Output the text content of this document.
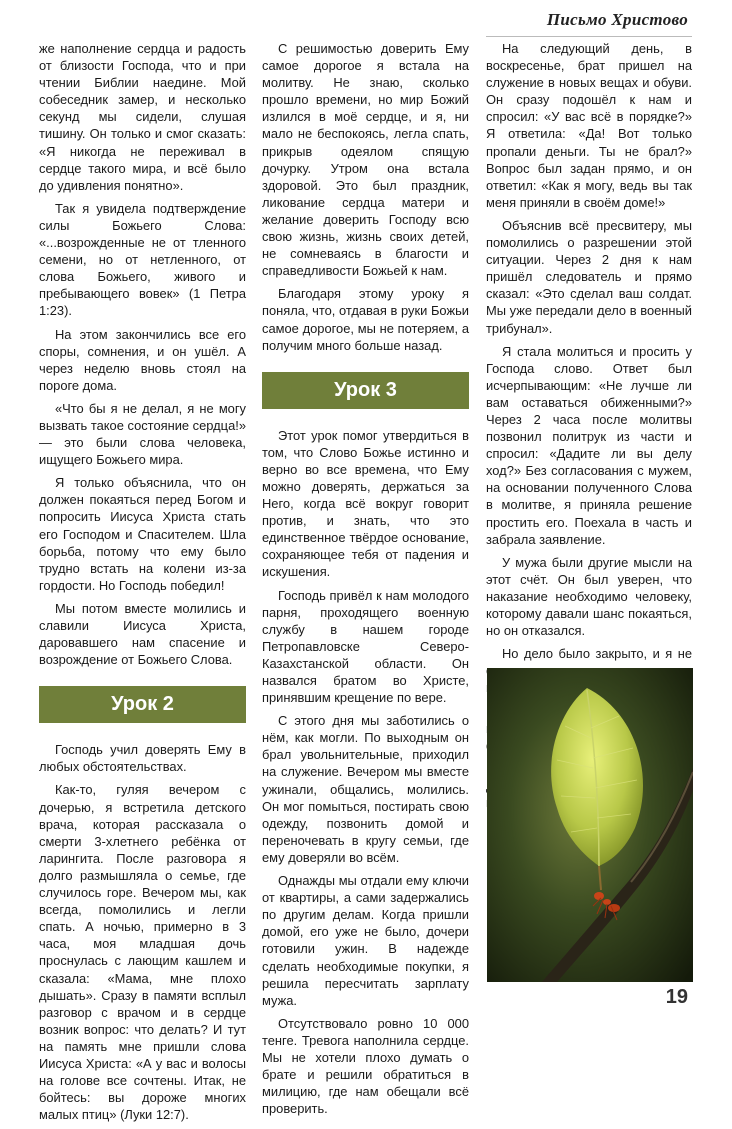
Письмо Христово

же наполнение сердца и радость от близости Господа, что и при чтении Библии наедине. Мой собеседник замер, и несколько секунд мы сидели, слушая тишину. Он только и смог сказать: «Я никогда не переживал в сердце такого мира, и всё было до удивления понятно».

Так я увидела подтверждение силы Божьего Слова: «...возрожденные не от тленного семени, но от нетленного, от слова Божьего, живого и пребывающего вовек» (1 Петра 1:23).

На этом закончились все его споры, сомнения, и он ушёл. А через неделю вновь стоял на пороге дома.

«Что бы я не делал, я не могу вызвать такое состояние сердца!» — это были слова человека, ищущего Божьего мира.

Я только объяснила, что он должен покаяться перед Богом и попросить Иисуса Христа стать его Господом и Спасителем. Шла борьба, потому что ему было трудно встать на колени из-за гордости. Но Господь победил!

Мы потом вместе молились и славили Иисуса Христа, даровавшего нам спасение и возрождение от Божьего Слова.

Урок 2

Господь учил доверять Ему в любых обстоятельствах.

Как-то, гуляя вечером с дочерью, я встретила детского врача, которая рассказала о смерти 3-хлетнего ребёнка от ларингита. После разговора я долго размышляла о семье, где случилось горе. Вечером мы, как всегда, помолились и легли спать. А ночью, примерно в 3 часа, моя младшая дочь проснулась с лающим кашлем и сказала: «Мама, мне плохо дышать». Сразу в памяти всплыл разговор с врачом и в сердце возник вопрос: что делать? И тут на память мне пришли слова Иисуса Христа: «А у вас и волосы на голове все сочтены. Итак, не бойтесь: вы дороже многих малых птиц» (Луки 12:7).

С решимостью доверить Ему самое дорогое я встала на молитву. Не знаю, сколько прошло времени, но мир Божий излился в моё сердце, и я, ни мало не беспокоясь, легла спать, прикрыв одеялом спящую дочурку. Утром она встала здоровой. Это был праздник, ликование сердца матери и желание доверить Господу всю свою жизнь, жизнь своих детей, не сомневаясь в благости и справедливости Божьей к нам.

Благодаря этому уроку я поняла, что, отдавая в руки Божьи самое дорогое, мы не потеряем, а получим много больше назад.

Урок 3

Этот урок помог утвердиться в том, что Слово Божье истинно и верно во все времена, что Ему можно доверять, держаться за Него, когда всё вокруг говорит против, и знать, что это единственное твёрдое основание, сохраняющее тебя от падения и искушения.

Господь привёл к нам молодого парня, проходящего военную службу в нашем городе Петропавловске Северо-Казахстанской области. Он назвался братом во Христе, принявшим крещение по вере.

С этого дня мы заботились о нём, как могли. По выходным он брал увольнительные, приходил на служение. Вечером мы вместе ужинали, общались, молились. Он мог помыться, постирать свою одежду, позвонить домой и переночевать в кругу семьи, где ему доверяли во всём.

Однажды мы отдали ему ключи от квартиры, а сами задержались по другим делам. Когда пришли домой, его уже не было, дочери готовили ужин. В надежде сделать необходимые покупки, я решила пересчитать зарплату мужа.

Отсутствовало ровно 10 000 тенге. Тревога наполнила сердце. Мы не хотели плохо думать о брате и решили обратиться в милицию, где нам обещали всё проверить.

На следующий день, в воскресенье, брат пришел на служение в новых вещах и обуви. Он сразу подошёл к нам и спросил: «У вас всё в порядке?» Я ответила: «Да! Вот только пропали деньги. Ты не брал?» Вопрос был задан прямо, и он ответил: «Как я могу, ведь вы так меня приняли в своём доме!»

Объяснив всё пресвитеру, мы помолились о разрешении этой ситуации. Через 2 дня к нам пришёл следователь и прямо сказал: «Это сделал ваш солдат. Мы уже передали дело в военный трибунал».

Я стала молиться и просить у Господа слово. Ответ был исчерпывающим: «Не лучше ли вам оставаться обиженными?» Через 2 часа после молитвы позвонил политрук из части и спросил: «Дадите ли вы делу ход?» Без согласования с мужем, на основании полученного Слова в молитве, я приняла решение простить его. Поехала в часть и забрала заявление.

У мужа были другие мысли на этот счёт. Он был уверен, что наказание необходимо человеку, которому давали шанс покаяться, но он отказался.

Но дело было закрыто, и я не

19
